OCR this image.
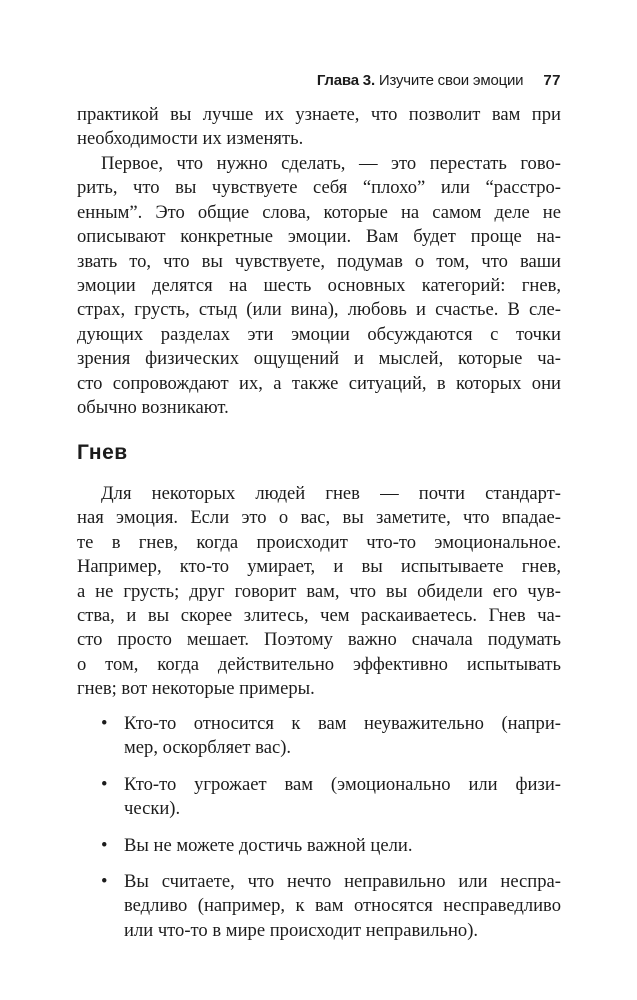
Глава 3. Изучите свои эмоции 77
практикой вы лучше их узнаете, что позволит вам при
необходимости их изменять.
Первое, что нужно сделать, — это перестать гово-
рить, что вы чувствуете себя “плохо” или “расстро-
енным”. Это общие слова, которые на самом деле не
описывают конкретные эмоции. Вам будет проще на-
звать то, что вы чувствуете, подумав о том, что ваши
эмоции делятся на шесть основных категорий: гнев,
страх, грусть, стыд (или вина), любовь и счастье. В сле-
дующих разделах эти эмоции обсуждаются с точки
зрения физических ощущений и мыслей, которые ча-
сто сопровождают их, а также ситуаций, в которых они
обычно возникают.
Гнев
Для некоторых людей гнев — почти стандарт-
ная эмоция. Если это о вас, вы заметите, что впадае-
те в гнев, когда происходит что-то эмоциональное.
Например, кто-то умирает, и вы испытываете гнев,
а не грусть; друг говорит вам, что вы обидели его чув-
ства, и вы скорее злитесь, чем раскаиваетесь. Гнев ча-
сто просто мешает. Поэтому важно сначала подумать
о том, когда действительно эффективно испытывать
гнев; вот некоторые примеры.
• Кто-то относится к вам неуважительно (напри-
мер, оскорбляет вас).
• Кто-то угрожает вам (эмоционально или физи-
чески).
• Вы не можете достичь важной цели.
• Вы считаете, что нечто неправильно или неспра-
ведливо (например, к вам относятся несправедливо
или что-то в мире происходит неправильно).
